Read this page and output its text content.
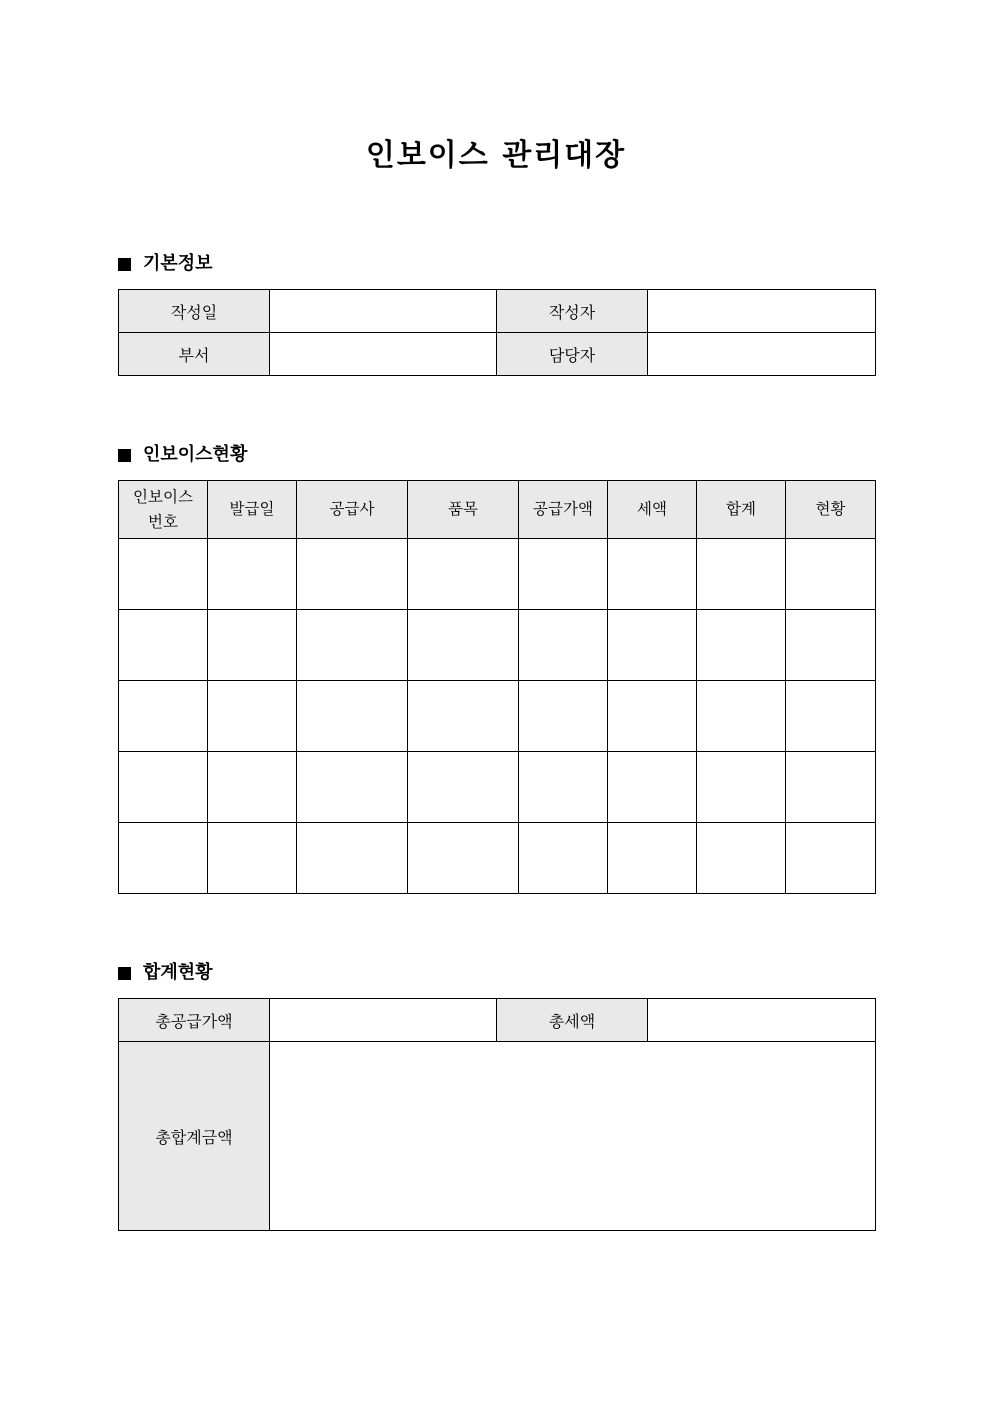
인보이스 관리대장
기본정보
작성일		작성자	
부서		담당자	
인보이스현황
인보이스
번호	발급일	공급사	품목	공급가액	세액	합계	현황

합계현황
총공급가액		총세액	
총합계금액			
